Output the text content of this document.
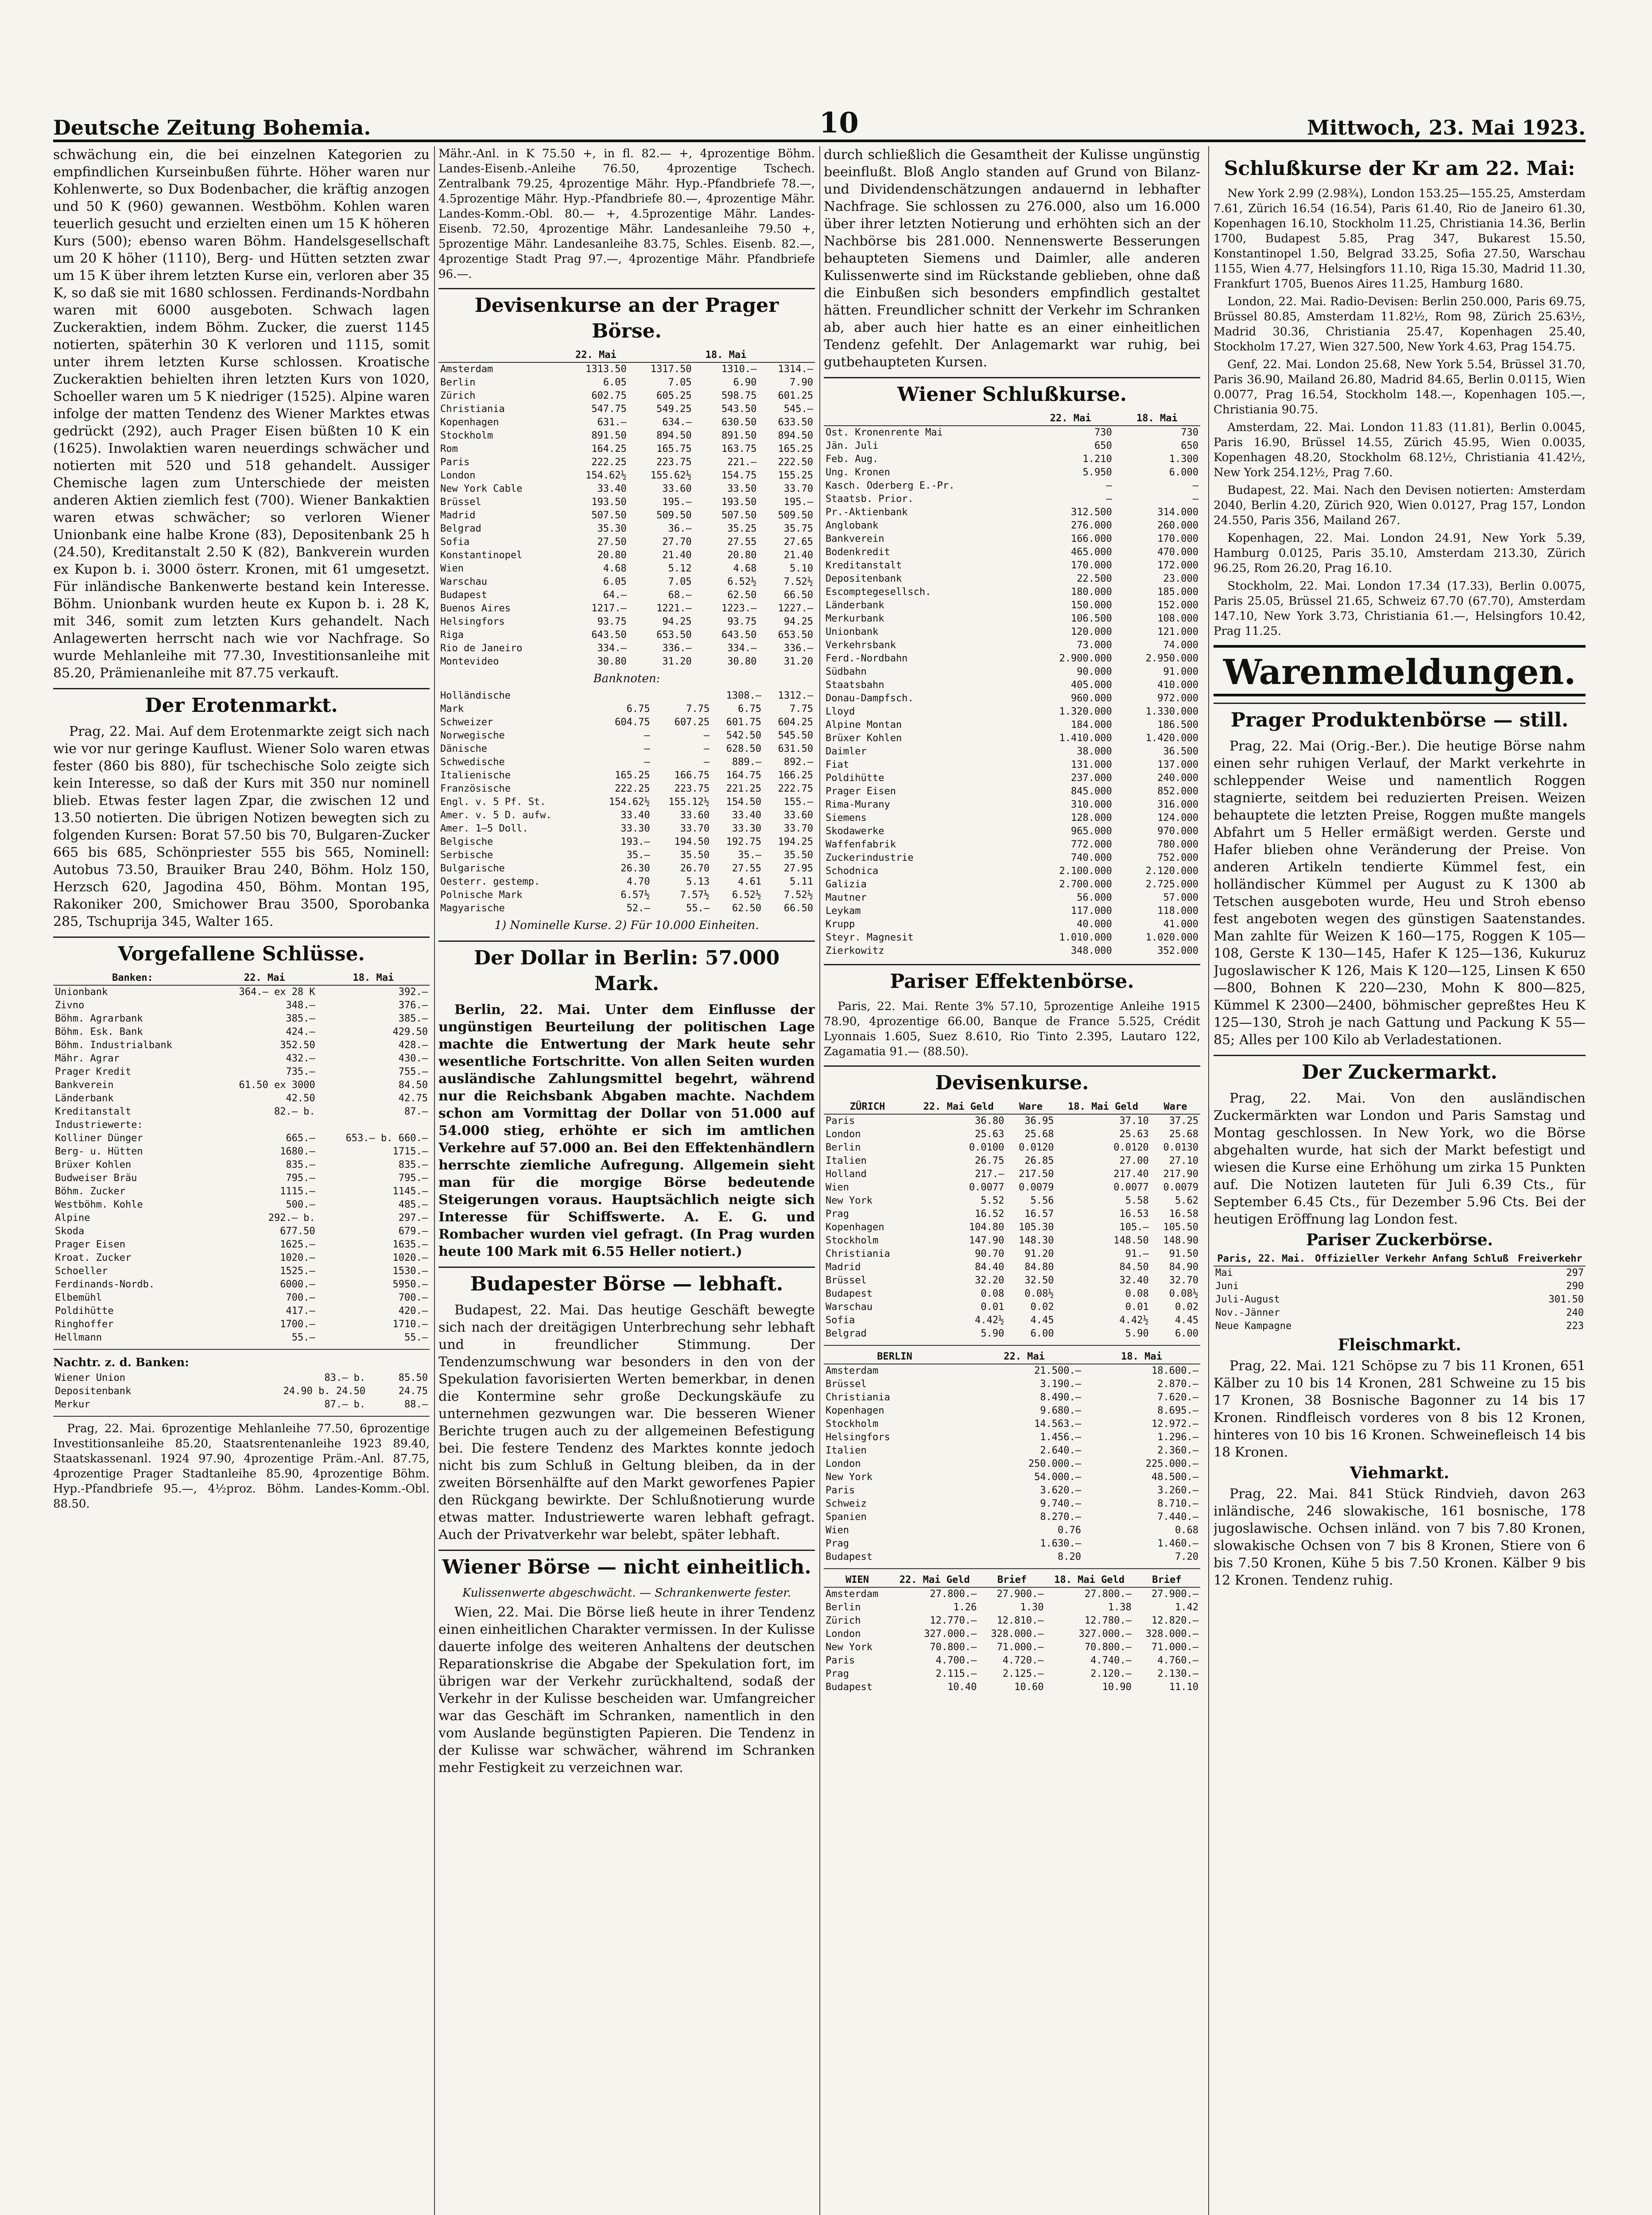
Deutsche Zeitung Bohemia.	10	Mittwoch, 23. Mai 1923.

schwächung ein, die bei einzelnen Kategorien zu empfindlichen Kurseinbußen führte. Höher waren nur Kohlenwerte, so Dux Bodenbacher, die kräftig anzogen und 50 K (960) gewannen. Westböhm. Kohlen waren teuerlich gesucht und erzielten einen um 15 K höheren Kurs (500); ebenso waren Böhm. Handelsgesellschaft um 20 K höher (1110), Berg- und Hütten setzten zwar um 15 K über ihrem letzten Kurse ein, verloren aber 35 K, so daß sie mit 1680 schlossen. Ferdinands-Nordbahn waren mit 6000 ausgeboten. Schwach lagen Zuckeraktien, indem Böhm. Zucker, die zuerst 1145 notierten, späterhin 30 K verloren und 1115, somit unter ihrem letzten Kurse schlossen. Kroatische Zuckeraktien behielten ihren letzten Kurs von 1020, Schoeller waren um 5 K niedriger (1525). Alpine waren infolge der matten Tendenz des Wiener Marktes etwas gedrückt (292), auch Prager Eisen büßten 10 K ein (1625). Inwolaktien waren neuerdings schwächer und notierten mit 520 und 518 gehandelt. Aussiger Chemische lagen zum Unterschiede der meisten anderen Aktien ziemlich fest (700). Wiener Bankaktien waren etwas schwächer; so verloren Wiener Unionbank eine halbe Krone (83), Depositenbank 25 h (24.50), Kreditanstalt 2.50 K (82), Bankverein wurden ex Kupon b. i. 3000 österr. Kronen, mit 61 umgesetzt. Für inländische Bankenwerte bestand kein Interesse. Böhm. Unionbank wurden heute ex Kupon b. i. 28 K, mit 346, somit zum letzten Kurs gehandelt. Nach Anlagewerten herrscht nach wie vor Nachfrage. So wurde Mehlanleihe mit 77.30, Investitionsanleihe mit 85.20, Prämienanleihe mit 87.75 verkauft.

Der Erotenmarkt.

Prag, 22. Mai. Auf dem Erotenmarkte zeigt sich nach wie vor nur geringe Kauflust. Wiener Solo waren etwas fester (860 bis 880), für tschechische Solo zeigte sich kein Interesse, so daß der Kurs mit 350 nur nominell blieb. Etwas fester lagen Zpar, die zwischen 12 und 13.50 notierten. Die übrigen Notizen bewegten sich zu folgenden Kursen: Borat 57.50 bis 70, Bulgaren-Zucker 665 bis 685, Schönpriester 555 bis 565, Nominell: Autobus 73.50, Brauiker Brau 240, Böhm. Holz 150, Herzsch 620, Jagodina 450, Böhm. Montan 195, Rakoniker 200, Smichower Brau 3500, Sporobanka 285, Tschuprija 345, Walter 165.

Vorgefallene Schlüsse.
Banken:	22. Mai	18. Mai
Unionbank	364.— ex 28 K	392.—
Zivno	348.—	376.—
Böhm. Agrarbank	385.—	385.—
Böhm. Esk. Bank	424.—	429.50
Böhm. Industrialbank	352.50	428.—
Mähr. Agrar	432.—	430.—
Prager Kredit	735.—	755.—
Bankverein	61.50 ex 3000	84.50
Länderbank	42.50	42.75
Kreditanstalt	82.— b.	87.—
Industriewerte:		
Kolliner Dünger	665.—	653.— b. 660.—
Berg- u. Hütten	1680.—	1715.—
Brüxer Kohlen	835.—	835.—
Budweiser Bräu	795.—	795.—
Böhm. Zucker	1115.—	1145.—
Westböhm. Kohle	500.—	485.—
Alpine	292.— b.	297.—
Skoda	677.50	679.—
Prager Eisen	1625.—	1635.—
Kroat. Zucker	1020.—	1020.—
Schoeller	1525.—	1530.—
Ferdinands-Nordb.	6000.—	5950.—
Elbemühl	700.—	700.—
Poldihütte	417.—	420.—
Ringhoffer	1700.—	1710.—
Hellmann	55.—	55.—
Nachtr. z. d. Banken:
Wiener Union	83.— b.	85.50
Depositenbank	24.90 b. 24.50	24.75
Merkur	87.— b.	88.—

Prag, 22. Mai. 6prozentige Mehlanleihe 77.50, 6prozentige Investitionsanleihe 85.20, Staatsrentenanleihe 1923 89.40, Staatskassenanl. 1924 97.90, 4prozentige Präm.-Anl. 87.75, 4prozentige Prager Stadtanleihe 85.90, 4prozentige Böhm. Hyp.-Pfandbriefe 95.—, 4½proz. Böhm. Landes-Komm.-Obl. 88.50.

Mähr.-Anl. in K 75.50 +, in fl. 82.— +, 4prozentige Böhm. Landes-Eisenb.-Anleihe 76.50, 4prozentige Tschech. Zentralbank 79.25, 4prozentige Mähr. Hyp.-Pfandbriefe 78.—, 4.5prozentige Mähr. Hyp.-Pfandbriefe 80.—, 4prozentige Mähr. Landes-Komm.-Obl. 80.— +, 4.5prozentige Mähr. Landes-Eisenb. 72.50, 4prozentige Mähr. Landesanleihe 79.50 +, 5prozentige Mähr. Landesanleihe 83.75, Schles. Eisenb. 82.—, 4prozentige Stadt Prag 97.—, 4prozentige Mähr. Pfandbriefe 96.—.

Devisenkurse an der Prager Börse.
	22. Mai		18. Mai	
Amsterdam	1313.50	1317.50	1310.—	1314.—
Berlin	6.05	7.05	6.90	7.90
Zürich	602.75	605.25	598.75	601.25
Christiania	547.75	549.25	543.50	545.—
Kopenhagen	631.—	634.—	630.50	633.50
Stockholm	891.50	894.50	891.50	894.50
Rom	164.25	165.75	163.75	165.25
Paris	222.25	223.75	221.—	222.50
London	154.62½	155.62½	154.75	155.25
New York Cable	33.40	33.60	33.50	33.70
Brüssel	193.50	195.—	193.50	195.—
Madrid	507.50	509.50	507.50	509.50
Belgrad	35.30	36.—	35.25	35.75
Sofia	27.50	27.70	27.55	27.65
Konstantinopel	20.80	21.40	20.80	21.40
Wien	4.68	5.12	4.68	5.10
Warschau	6.05	7.05	6.52½	7.52½
Budapest	64.—	68.—	62.50	66.50
Buenos Aires	1217.—	1221.—	1223.—	1227.—
Helsingfors	93.75	94.25	93.75	94.25
Riga	643.50	653.50	643.50	653.50
Rio de Janeiro	334.—	336.—	334.—	336.—
Montevideo	30.80	31.20	30.80	31.20
Banknoten:
Holländische			1308.—	1312.—
Mark	6.75	7.75	6.75	7.75
Schweizer	604.75	607.25	601.75	604.25
Norwegische	—	—	542.50	545.50
Dänische	—	—	628.50	631.50
Schwedische	—	—	889.—	892.—
Italienische	165.25	166.75	164.75	166.25
Französische	222.25	223.75	221.25	222.75
Engl. v. 5 Pf. St.	154.62½	155.12½	154.50	155.—
Amer. v. 5 D. aufw.	33.40	33.60	33.40	33.60
Amer. 1—5 Doll.	33.30	33.70	33.30	33.70
Belgische	193.—	194.50	192.75	194.25
Serbische	35.—	35.50	35.—	35.50
Bulgarische	26.30	26.70	27.55	27.95
Oesterr. gestemp.	4.70	5.13	4.61	5.11
Polnische Mark	6.57½	7.57½	6.52½	7.52½
Magyarische	52.—	55.—	62.50	66.50
1) Nominelle Kurse. 2) Für 10.000 Einheiten.
Der Dollar in Berlin: 57.000 Mark.

Berlin, 22. Mai. Unter dem Einflusse der ungünstigen Beurteilung der politischen Lage machte die Entwertung der Mark heute sehr wesentliche Fortschritte. Von allen Seiten wurden ausländische Zahlungsmittel begehrt, während nur die Reichsbank Abgaben machte. Nachdem schon am Vormittag der Dollar von 51.000 auf 54.000 stieg, erhöhte er sich im amtlichen Verkehre auf 57.000 an. Bei den Effektenhändlern herrschte ziemliche Aufregung. Allgemein sieht man für die morgige Börse bedeutende Steigerungen voraus. Hauptsächlich neigte sich Interesse für Schiffswerte. A. E. G. und Rombacher wurden viel gefragt. (In Prag wurden heute 100 Mark mit 6.55 Heller notiert.)

Budapester Börse — lebhaft.

Budapest, 22. Mai. Das heutige Geschäft bewegte sich nach der dreitägigen Unterbrechung sehr lebhaft und in freundlicher Stimmung. Der Tendenzumschwung war besonders in den von der Spekulation favorisierten Werten bemerkbar, in denen die Kontermine sehr große Deckungskäufe zu unternehmen gezwungen war. Die besseren Wiener Berichte trugen auch zu der allgemeinen Befestigung bei. Die festere Tendenz des Marktes konnte jedoch nicht bis zum Schluß in Geltung bleiben, da in der zweiten Börsenhälfte auf den Markt geworfenes Papier den Rückgang bewirkte. Der Schlußnotierung wurde etwas matter. Industriewerte waren lebhaft gefragt. Auch der Privatverkehr war belebt, später lebhaft.

Wiener Börse — nicht einheitlich.
Kulissenwerte abgeschwächt. — Schrankenwerte fester.

Wien, 22. Mai. Die Börse ließ heute in ihrer Tendenz einen einheitlichen Charakter vermissen. In der Kulisse dauerte infolge des weiteren Anhaltens der deutschen Reparationskrise die Abgabe der Spekulation fort, im übrigen war der Verkehr zurückhaltend, sodaß der Verkehr in der Kulisse bescheiden war. Umfangreicher war das Geschäft im Schranken, namentlich in den vom Auslande begünstigten Papieren. Die Tendenz in der Kulisse war schwächer, während im Schranken mehr Festigkeit zu verzeichnen war.

durch schließlich die Gesamtheit der Kulisse ungünstig beeinflußt. Bloß Anglo standen auf Grund von Bilanz- und Dividendenschätzungen andauernd in lebhafter Nachfrage. Sie schlossen zu 276.000, also um 16.000 über ihrer letzten Notierung und erhöhten sich an der Nachbörse bis 281.000. Nennenswerte Besserungen behaupteten Siemens und Daimler, alle anderen Kulissenwerte sind im Rückstande geblieben, ohne daß die Einbußen sich besonders empfindlich gestaltet hätten. Freundlicher schnitt der Verkehr im Schranken ab, aber auch hier hatte es an einer einheitlichen Tendenz gefehlt. Der Anlagemarkt war ruhig, bei gutbehaupteten Kursen.

Wiener Schlußkurse.
	22. Mai	18. Mai
Ost. Kronenrente Mai	730	730
Jän. Juli	650	650
Feb. Aug.	1.210	1.300
Ung. Kronen	5.950	6.000
Kasch. Oderberg E.-Pr.	—	—
Staatsb. Prior.	—	—
Pr.-Aktienbank	312.500	314.000
Anglobank	276.000	260.000
Bankverein	166.000	170.000
Bodenkredit	465.000	470.000
Kreditanstalt	170.000	172.000
Depositenbank	22.500	23.000
Escomptegesellsch.	180.000	185.000
Länderbank	150.000	152.000
Merkurbank	106.500	108.000
Unionbank	120.000	121.000
Verkehrsbank	73.000	74.000
Ferd.-Nordbahn	2.900.000	2.950.000
Südbahn	90.000	91.000
Staatsbahn	405.000	410.000
Donau-Dampfsch.	960.000	972.000
Lloyd	1.320.000	1.330.000
Alpine Montan	184.000	186.500
Brüxer Kohlen	1.410.000	1.420.000
Daimler	38.000	36.500
Fiat	131.000	137.000
Poldihütte	237.000	240.000
Prager Eisen	845.000	852.000
Rima-Murany	310.000	316.000
Siemens	128.000	124.000
Skodawerke	965.000	970.000
Waffenfabrik	772.000	780.000
Zuckerindustrie	740.000	752.000
Schodnica	2.100.000	2.120.000
Galizia	2.700.000	2.725.000
Mautner	56.000	57.000
Leykam	117.000	118.000
Krupp	40.000	41.000
Steyr. Magnesit	1.010.000	1.020.000
Zierkowitz	348.000	352.000
Pariser Effektenbörse.

Paris, 22. Mai. Rente 3% 57.10, 5prozentige Anleihe 1915 78.90, 4prozentige 66.00, Banque de France 5.525, Crédit Lyonnais 1.605, Suez 8.610, Rio Tinto 2.395, Lautaro 122, Zagamatia 91.— (88.50).

Devisenkurse.
ZÜRICH	22. Mai Geld	Ware	18. Mai Geld	Ware
Paris	36.80	36.95	37.10	37.25
London	25.63	25.68	25.63	25.68
Berlin	0.0100	0.0120	0.0120	0.0130
Italien	26.75	26.85	27.00	27.10
Holland	217.—	217.50	217.40	217.90
Wien	0.0077	0.0079	0.0077	0.0079
New York	5.52	5.56	5.58	5.62
Prag	16.52	16.57	16.53	16.58
Kopenhagen	104.80	105.30	105.—	105.50
Stockholm	147.90	148.30	148.50	148.90
Christiania	90.70	91.20	91.—	91.50
Madrid	84.40	84.80	84.50	84.90
Brüssel	32.20	32.50	32.40	32.70
Budapest	0.08	0.08½	0.08	0.08½
Warschau	0.01	0.02	0.01	0.02
Sofia	4.42½	4.45	4.42½	4.45
Belgrad	5.90	6.00	5.90	6.00
BERLIN	22. Mai	18. Mai
Amsterdam	21.500.—	18.600.—
Brüssel	3.190.—	2.870.—
Christiania	8.490.—	7.620.—
Kopenhagen	9.680.—	8.695.—
Stockholm	14.563.—	12.972.—
Helsingfors	1.456.—	1.296.—
Italien	2.640.—	2.360.—
London	250.000.—	225.000.—
New York	54.000.—	48.500.—
Paris	3.620.—	3.260.—
Schweiz	9.740.—	8.710.—
Spanien	8.270.—	7.440.—
Wien	0.76	0.68
Prag	1.630.—	1.460.—
Budapest	8.20	7.20
WIEN	22. Mai Geld	Brief	18. Mai Geld	Brief
Amsterdam	27.800.—	27.900.—	27.800.—	27.900.—
Berlin	1.26	1.30	1.38	1.42
Zürich	12.770.—	12.810.—	12.780.—	12.820.—
London	327.000.—	328.000.—	327.000.—	328.000.—
New York	70.800.—	71.000.—	70.800.—	71.000.—
Paris	4.700.—	4.720.—	4.740.—	4.760.—
Prag	2.115.—	2.125.—	2.120.—	2.130.—
Budapest	10.40	10.60	10.90	11.10
Schlußkurse der Kr am 22. Mai:

New York 2.99 (2.98¾), London 153.25—155.25, Amsterdam 7.61, Zürich 16.54 (16.54), Paris 61.40, Rio de Janeiro 61.30, Kopenhagen 16.10, Stockholm 11.25, Christiania 14.36, Berlin 1700, Budapest 5.85, Prag 347, Bukarest 15.50, Konstantinopel 1.50, Belgrad 33.25, Sofia 27.50, Warschau 1155, Wien 4.77, Helsingfors 11.10, Riga 15.30, Madrid 11.30, Frankfurt 1705, Buenos Aires 11.25, Hamburg 1680.

London, 22. Mai. Radio-Devisen: Berlin 250.000, Paris 69.75, Brüssel 80.85, Amsterdam 11.82½, Rom 98, Zürich 25.63½, Madrid 30.36, Christiania 25.47, Kopenhagen 25.40, Stockholm 17.27, Wien 327.500, New York 4.63, Prag 154.75.

Genf, 22. Mai. London 25.68, New York 5.54, Brüssel 31.70, Paris 36.90, Mailand 26.80, Madrid 84.65, Berlin 0.0115, Wien 0.0077, Prag 16.54, Stockholm 148.—, Kopenhagen 105.—, Christiania 90.75.

Amsterdam, 22. Mai. London 11.83 (11.81), Berlin 0.0045, Paris 16.90, Brüssel 14.55, Zürich 45.95, Wien 0.0035, Kopenhagen 48.20, Stockholm 68.12½, Christiania 41.42½, New York 254.12½, Prag 7.60.

Budapest, 22. Mai. Nach den Devisen notierten: Amsterdam 2040, Berlin 4.20, Zürich 920, Wien 0.0127, Prag 157, London 24.550, Paris 356, Mailand 267.

Kopenhagen, 22. Mai. London 24.91, New York 5.39, Hamburg 0.0125, Paris 35.10, Amsterdam 213.30, Zürich 96.25, Rom 26.20, Prag 16.10.

Stockholm, 22. Mai. London 17.34 (17.33), Berlin 0.0075, Paris 25.05, Brüssel 21.65, Schweiz 67.70 (67.70), Amsterdam 147.10, New York 3.73, Christiania 61.—, Helsingfors 10.42, Prag 11.25.

Warenmeldungen.
Prager Produktenbörse — still.

Prag, 22. Mai (Orig.-Ber.). Die heutige Börse nahm einen sehr ruhigen Verlauf, der Markt verkehrte in schleppender Weise und namentlich Roggen stagnierte, seitdem bei reduzierten Preisen. Weizen behauptete die letzten Preise, Roggen mußte mangels Abfahrt um 5 Heller ermäßigt werden. Gerste und Hafer blieben ohne Veränderung der Preise. Von anderen Artikeln tendierte Kümmel fest, ein holländischer Kümmel per August zu K 1300 ab Tetschen ausgeboten wurde, Heu und Stroh ebenso fest angeboten wegen des günstigen Saatenstandes. Man zahlte für Weizen K 160—175, Roggen K 105—108, Gerste K 130—145, Hafer K 125—136, Kukuruz Jugoslawischer K 126, Mais K 120—125, Linsen K 650—800, Bohnen K 220—230, Mohn K 800—825, Kümmel K 2300—2400, böhmischer gepreßtes Heu K 125—130, Stroh je nach Gattung und Packung K 55—85; Alles per 100 Kilo ab Verladestationen.

Der Zuckermarkt.

Prag, 22. Mai. Von den ausländischen Zuckermärkten war London und Paris Samstag und Montag geschlossen. In New York, wo die Börse abgehalten wurde, hat sich der Markt befestigt und wiesen die Kurse eine Erhöhung um zirka 15 Punkten auf. Die Notizen lauteten für Juli 6.39 Cts., für September 6.45 Cts., für Dezember 5.96 Cts. Bei der heutigen Eröffnung lag London fest.

Pariser Zuckerbörse.
Paris, 22. Mai.	Offizieller Verkehr Anfang Schluß	Freiverkehr
Mai		297
Juni		290
Juli-August		301.50
Nov.-Jänner		240
Neue Kampagne		223
Fleischmarkt.

Prag, 22. Mai. 121 Schöpse zu 7 bis 11 Kronen, 651 Kälber zu 10 bis 14 Kronen, 281 Schweine zu 15 bis 17 Kronen, 38 Bosnische Bagonner zu 14 bis 17 Kronen. Rindfleisch vorderes von 8 bis 12 Kronen, hinteres von 10 bis 16 Kronen. Schweinefleisch 14 bis 18 Kronen.

Viehmarkt.

Prag, 22. Mai. 841 Stück Rindvieh, davon 263 inländische, 246 slowakische, 161 bosnische, 178 jugoslawische. Ochsen inländ. von 7 bis 7.80 Kronen, slowakische Ochsen von 7 bis 8 Kronen, Stiere von 6 bis 7.50 Kronen, Kühe 5 bis 7.50 Kronen. Kälber 9 bis 12 Kronen. Tendenz ruhig.
